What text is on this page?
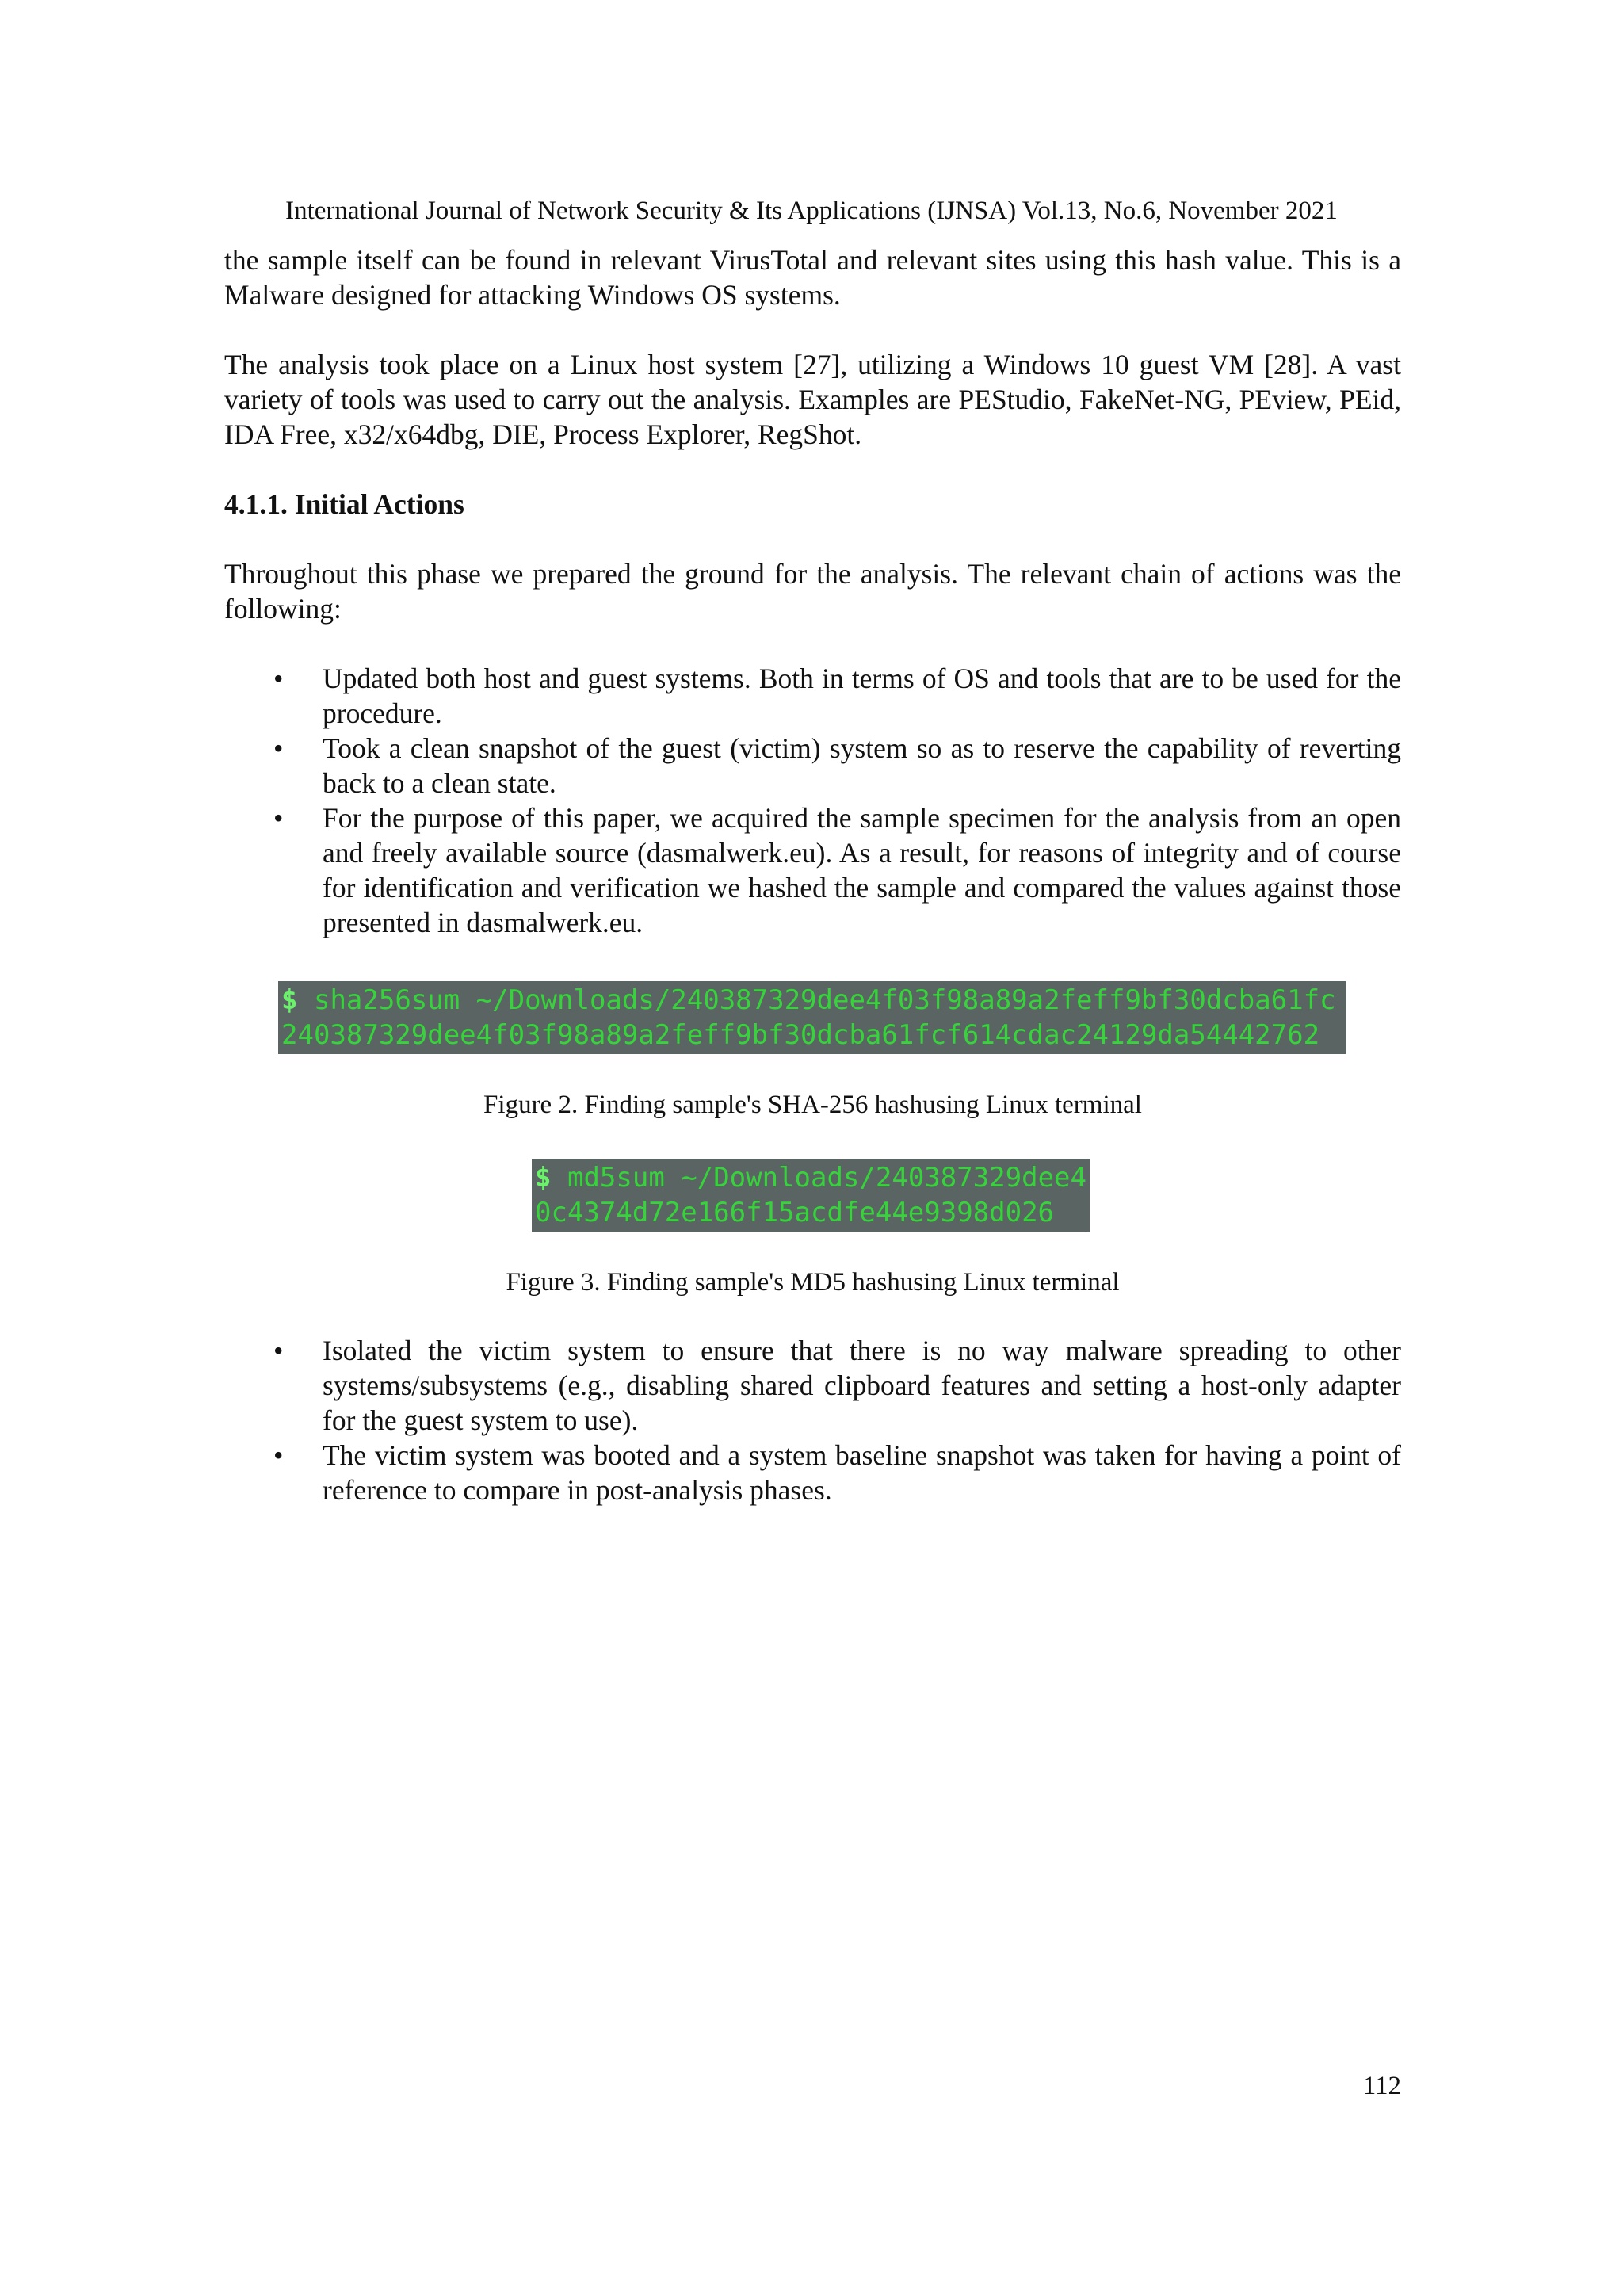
International Journal of Network Security & Its Applications (IJNSA) Vol.13, No.6, November 2021

the sample itself can be found in relevant VirusTotal and relevant sites using this hash value. This is a Malware designed for attacking Windows OS systems.

The analysis took place on a Linux host system [27], utilizing a Windows 10 guest VM [28]. A vast variety of tools was used to carry out the analysis. Examples are PEStudio, FakeNet-NG, PEview, PEid, IDA Free, x32/x64dbg, DIE, Process Explorer, RegShot.

4.1.1. Initial Actions

Throughout this phase we prepared the ground for the analysis. The relevant chain of actions was the following:

• Updated both host and guest systems. Both in terms of OS and tools that are to be used for the procedure.
• Took a clean snapshot of the guest (victim) system so as to reserve the capability of reverting back to a clean state.
• For the purpose of this paper, we acquired the sample specimen for the analysis from an open and freely available source (dasmalwerk.eu). As a result, for reasons of integrity and of course for identification and verification we hashed the sample and compared the values against those presented in dasmalwerk.eu.
$ sha256sum ~/Downloads/240387329dee4f03f98a89a2feff9bf30dcba61fc
240387329dee4f03f98a89a2feff9bf30dcba61fcf614cdac24129da54442762
Figure 2. Finding sample's SHA-256 hashusing Linux terminal
$ md5sum ~/Downloads/240387329dee4
0c4374d72e166f15acdfe44e9398d026
Figure 3. Finding sample's MD5 hashusing Linux terminal
• Isolated the victim system to ensure that there is no way malware spreading to other systems/subsystems (e.g., disabling shared clipboard features and setting a host-only adapter for the guest system to use).
• The victim system was booted and a system baseline snapshot was taken for having a point of reference to compare in post-analysis phases.
112
